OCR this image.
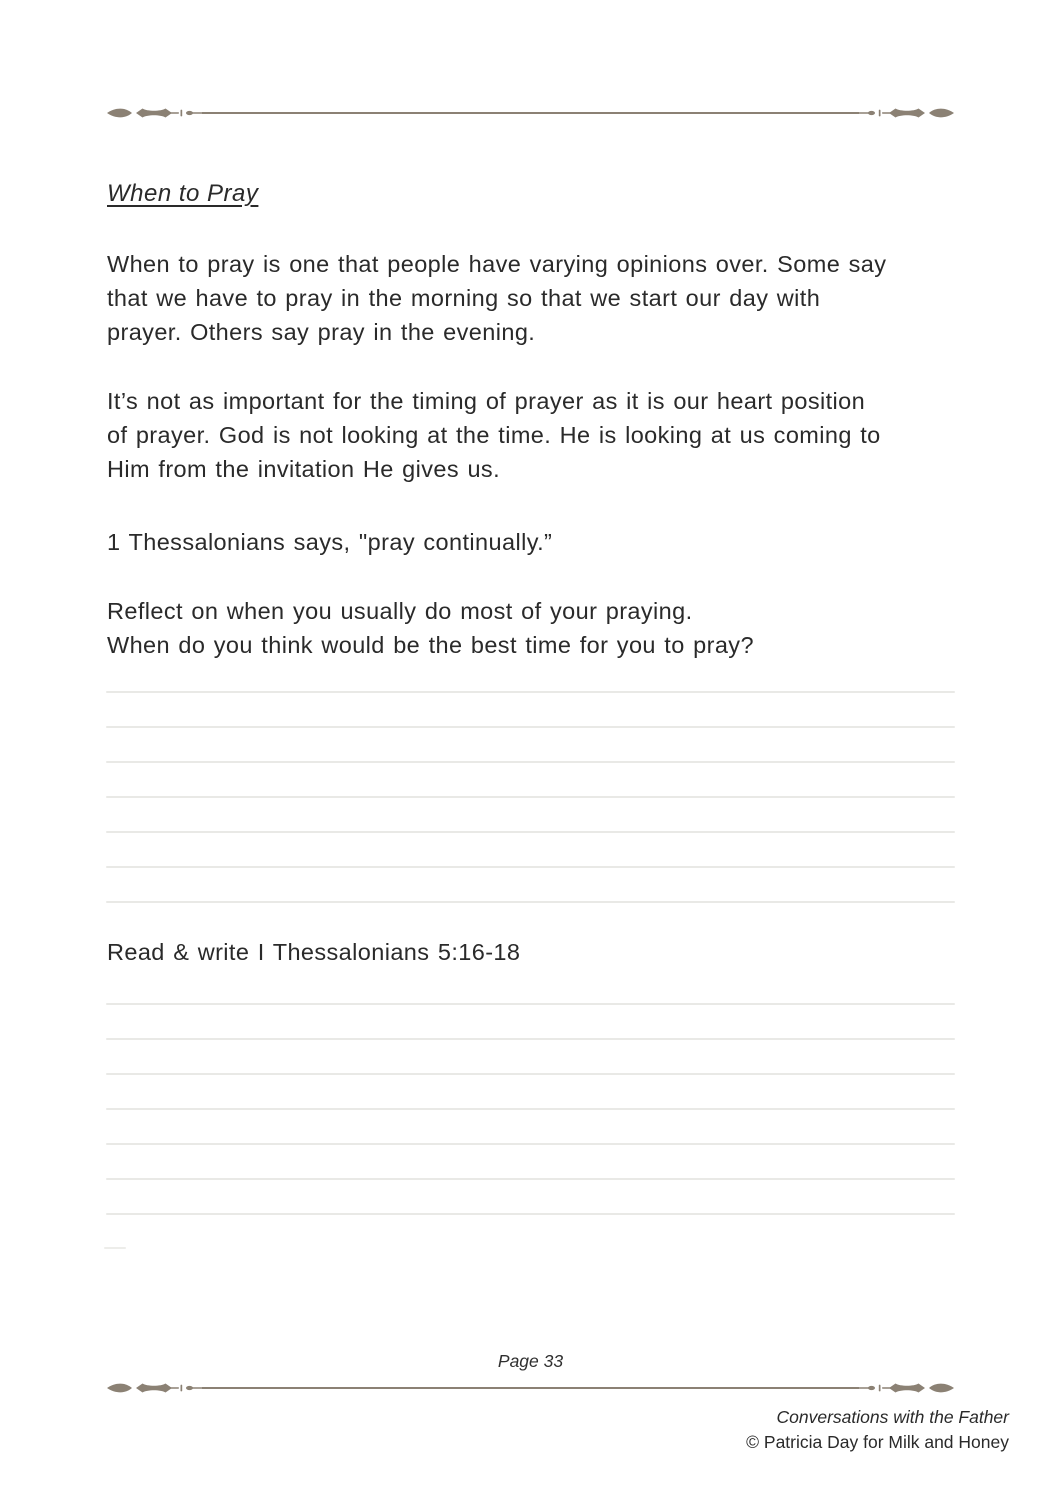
When to Pray
When to pray is one that people have varying opinions over. Some say
that we have to pray in the morning so that we start our day with
prayer. Others say pray in the evening.
It’s not as important for the timing of prayer as it is our heart position
of prayer. God is not looking at the time. He is looking at us coming to
Him from the invitation He gives us.
1 Thessalonians says, "pray continually.”
Reflect on when you usually do most of your praying.
When do you think would be the best time for you to pray?
Read & write I Thessalonians 5:16-18
Page 33
Conversations with the Father
© Patricia Day for Milk and Honey
